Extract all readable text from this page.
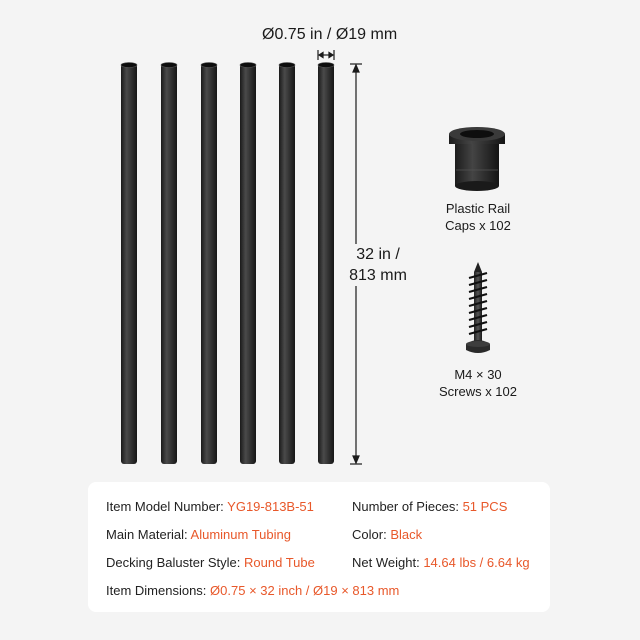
Ø0.75 in / Ø19 mm
32 in /
813 mm
Plastic Rail
Caps x 102
M4 × 30
Screws x 102
Item Model Number: YG19-813B-51	Number of Pieces: 51 PCS
Main Material: Aluminum Tubing	Color: Black
Decking Baluster Style: Round Tube	Net Weight: 14.64 lbs / 6.64 kg
Item Dimensions: Ø0.75 × 32 inch / Ø19 × 813 mm
